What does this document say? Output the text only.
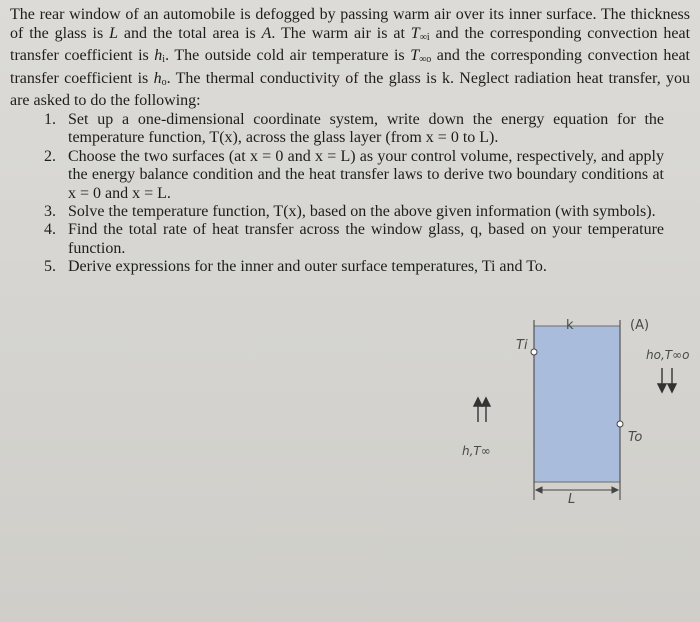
The rear window of an automobile is defogged by passing warm air over its inner surface. The thickness of the glass is L and the total area is A. The warm air is at $T_{\infty i}$ and the corresponding convection heat transfer coefficient is $h_i$. The outside cold air temperature is $T_{\infty o}$ and the corresponding convection heat transfer coefficient is $h_o$. The thermal conductivity of the glass is k. Neglect radiation heat transfer, you are asked to do the following:
1. Set up a one-dimensional coordinate system, write down the energy equation for the temperature function, T(x), across the glass layer (from x = 0 to L).
2. Choose the two surfaces (at x = 0 and x = L) as your control volume, respectively, and apply the energy balance condition and the heat transfer laws to derive two boundary conditions at x = 0 and x = L.
3. Solve the temperature function, T(x), based on the above given information (with symbols).
4. Find the total rate of heat transfer across the window glass, q, based on your temperature function.
5. Derive expressions for the inner and outer surface temperatures, Ti and To.
k	(A)
Ti
To
h,T∞
ho,T∞o
L
